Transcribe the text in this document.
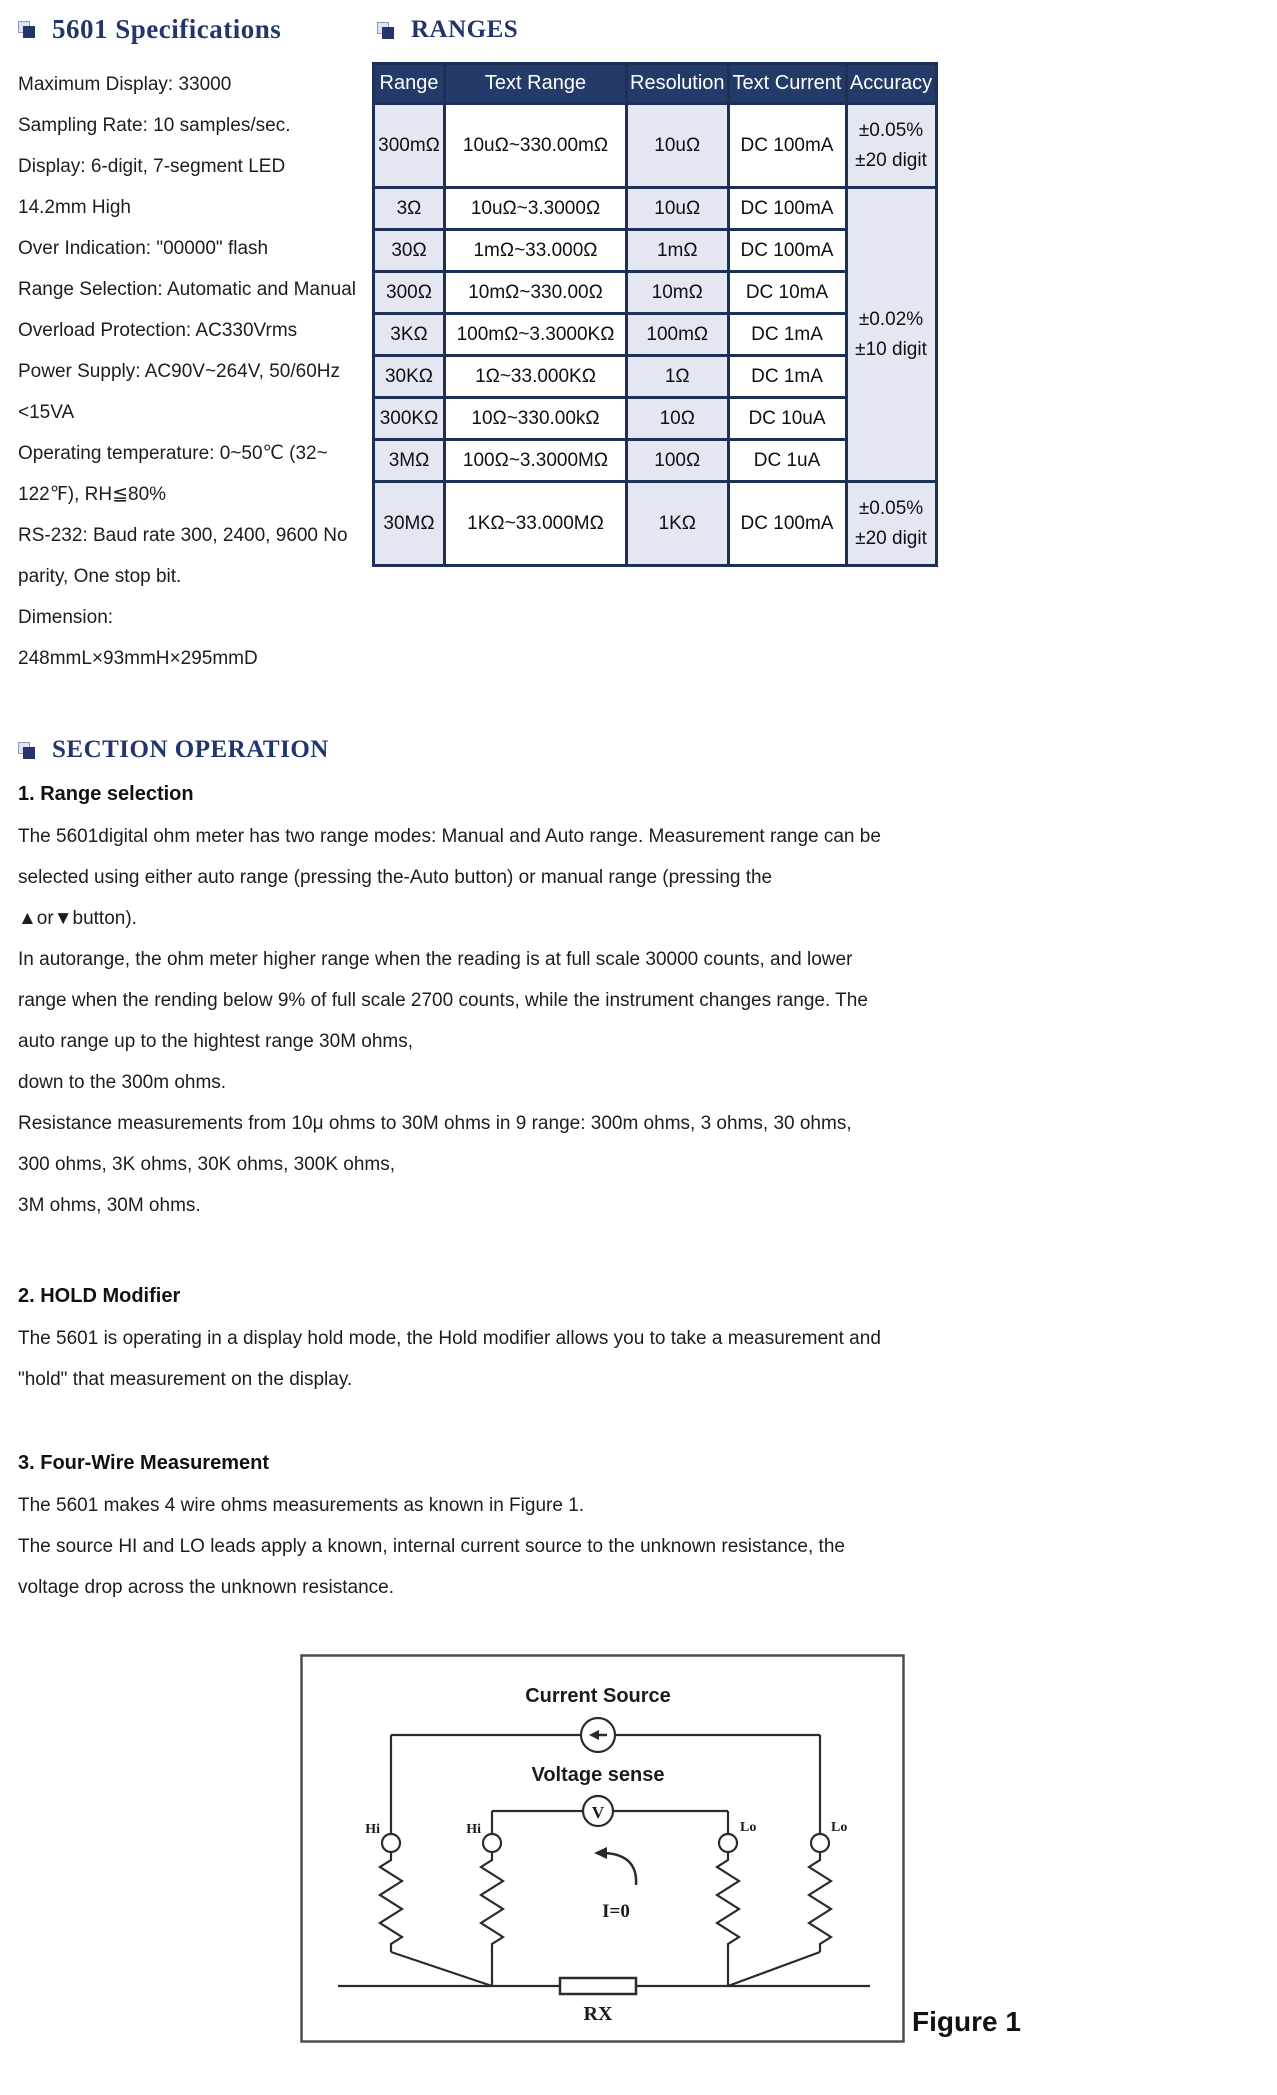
5601 Specifications
Maximum Display: 33000
Sampling Rate: 10 samples/sec.
Display: 6-digit, 7-segment LED
14.2mm High
Over Indication: "00000" flash
Range Selection: Automatic and Manual
Overload Protection: AC330Vrms
Power Supply: AC90V~264V, 50/60Hz
<15VA
Operating temperature: 0~50℃ (32~
122℉), RH≦80%
RS-232: Baud rate 300, 2400, 9600 No
parity, One stop bit.
Dimension:
248mmL×93mmH×295mmD
RANGES
Range	Text Range	Resolution	Text Current	Accuracy
300mΩ	10uΩ~330.00mΩ	10uΩ	DC 100mA	±0.05%
±20 digit

3Ω	10uΩ~3.3000Ω	10uΩ	DC 100mA	±0.02%
±10 digit

30Ω	1mΩ~33.000Ω	1mΩ	DC 100mA	
300Ω	10mΩ~330.00Ω	10mΩ	DC 10mA	
3KΩ	100mΩ~3.3000KΩ	100mΩ	DC 1mA	
30KΩ	1Ω~33.000KΩ	1Ω	DC 1mA	
300KΩ	10Ω~330.00kΩ	10Ω	DC 10uA	
3MΩ	100Ω~3.3000MΩ	100Ω	DC 1uA	
30MΩ	1KΩ~33.000MΩ	1KΩ	DC 100mA	±0.05%
±20 digit
SECTION OPERATION
1. Range selection
The 5601digital ohm meter has two range modes: Manual and Auto range. Measurement range can be
selected using either auto range (pressing the-Auto button) or manual range (pressing the
▲or▼button).
In autorange, the ohm meter higher range when the reading is at full scale 30000 counts, and lower
range when the rending below 9% of full scale 2700 counts, while the instrument changes range. The
auto range up to the hightest range 30M ohms,
down to the 300m ohms.
Resistance measurements from 10μ ohms to 30M ohms in 9 range: 300m ohms, 3 ohms, 30 ohms,
300 ohms, 3K ohms, 30K ohms, 300K ohms,
3M ohms, 30M ohms.
2. HOLD Modifier
The 5601 is operating in a display hold mode, the Hold modifier allows you to take a measurement and
"hold" that measurement on the display.
3. Four-Wire Measurement
The 5601 makes 4 wire ohms measurements as known in Figure 1.
The source HI and LO leads apply a known, internal current source to the unknown resistance, the
voltage drop across the unknown resistance.
Current Source
Voltage sense
V
Hi	Hi	Lo	Lo
I=0
RX	Figure 1
